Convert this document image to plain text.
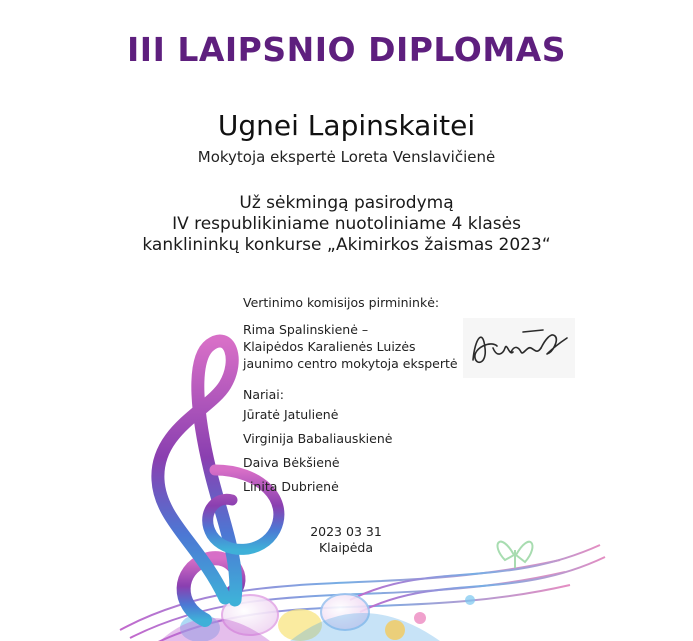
III LAIPSNIO DIPLOMAS
Ugnei Lapinskaitei
Mokytoja ekspertė Loreta Venslavičienė
Už sėkmingą pasirodymą
IV respublikiniame nuotoliniame 4 klasės
kanklininkų konkurse „Akimirkos žaismas 2023“
Vertinimo komisijos pirmininkė:
Rima Spalinskienė –
Klaipėdos Karalienės Luizės
jaunimo centro mokytoja ekspertė
Nariai:
Jūratė Jatulienė
Virginija Babaliauskienė
Daiva Bėkšienė
Linita Dubrienė
2023 03 31
Klaipėda
